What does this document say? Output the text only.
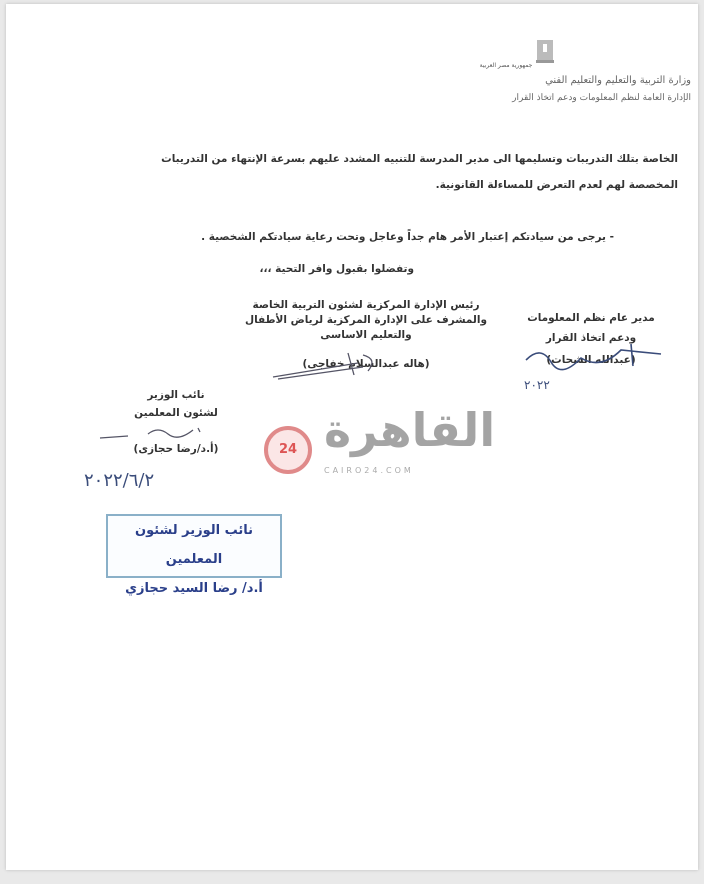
جمهورية مصر العربية
وزارة التربية والتعليم والتعليم الفني
الإدارة العامة لنظم المعلومات ودعم اتخاذ القرار
الخاصة بتلك التدريبات وتسليمها الى مدير المدرسة للتنبيه المشدد عليهم بسرعة الإنتهاء من التدريبات
المخصصة لهم لعدم التعرض للمساءلة القانونية.
- يرجى من سيادتكم إعتبار الأمر هام جداً وعاجل وتحت رعاية سيادتكم الشخصية .
وتفضلوا بقبول وافر التحية ،،،
مدير عام نظم المعلومات
ودعم اتخاذ القرار
(عبدالله الشحات)
٢٠٢٢
رئيس الإدارة المركزية لشئون التربية الخاصة
والمشرف على الإدارة المركزية لرياض الأطفال
والتعليم الاساسى
(هاله عبدالسلام خفاجى)
نائب الوزير
لشئون المعلمين
(أ.د/رضا حجازى)
٢٠٢٢/٦/٢
نائب الوزير لشئون المعلمين
أ.د/ رضا السيد حجازي
24 القاهرة
CAIRO24.COM
